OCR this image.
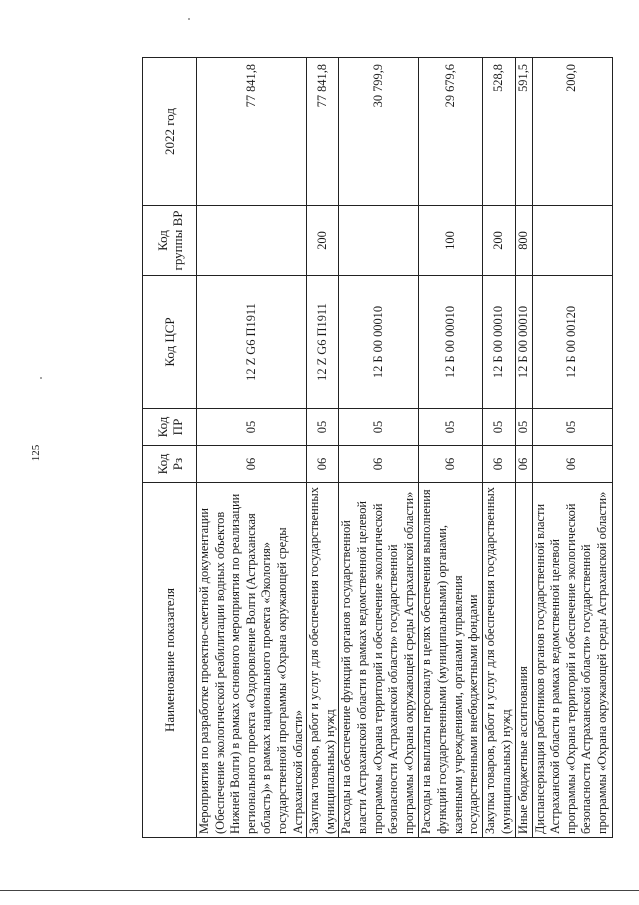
125
Наименование показателя	Код Рз	Код ПР	Код ЦСР	Код группы ВР	2022 год
Мероприятия по разработке проектно-сметной документации (Обеспечение экологической реабилитации водных объектов Нижней Волги) в рамках основного мероприятия по реализации регионального проекта «Оздоровление Волги (Астраханская область)» в рамках национального проекта «Экология» государственной программы «Охрана окружающей среды Астраханской области»	06	05	12 Z G6 П1911		77 841,8
Закупка товаров, работ и услуг для обеспечения государственных (муниципальных) нужд	06	05	12 Z G6 П1911	200	77 841,8
Расходы на обеспечение функций органов государственной власти Астраханской области в рамках ведомственной целевой программы «Охрана территорий и обеспечение экологической безопасности Астраханской области» государственной программы «Охрана окружающей среды Астраханской области»	06	05	12 Б 00 00010		30 799,9
Расходы на выплаты персоналу в целях обеспечения выполнения функций государственными (муниципальными) органами, казенными учреждениями, органами управления государственными внебюджетными фондами	06	05	12 Б 00 00010	100	29 679,6
Закупка товаров, работ и услуг для обеспечения государственных (муниципальных) нужд	06	05	12 Б 00 00010	200	528,8
Иные бюджетные ассигнования	06	05	12 Б 00 00010	800	591,5
Диспансеризация работников органов государственной власти Астраханской области в рамках ведомственной целевой программы «Охрана территорий и обеспечение экологической безопасности Астраханской области» государственной программы «Охрана окружающей среды Астраханской области»	06	05	12 Б 00 00120		200,0
